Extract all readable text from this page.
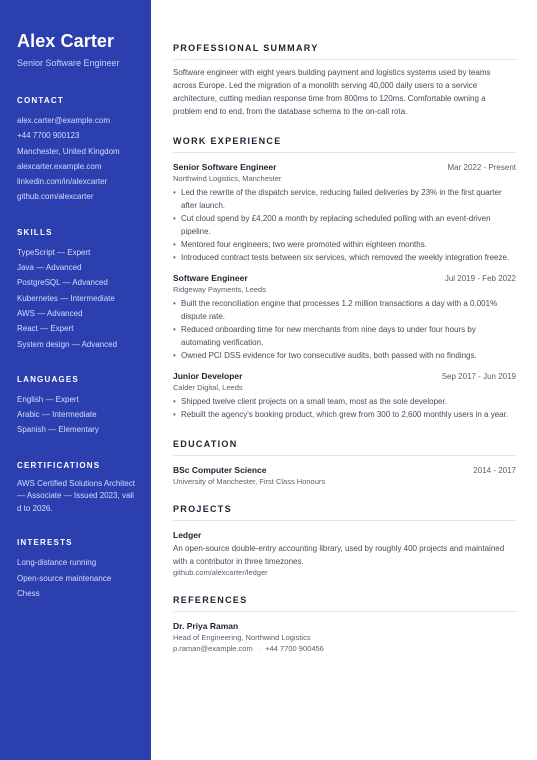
Alex Carter
Senior Software Engineer
CONTACT
alex.carter@example.com
+44 7700 900123
Manchester, United Kingdom
alexcarter.example.com
linkedin.com/in/alexcarter
github.com/alexcarter
SKILLS
TypeScript — Expert
Java — Advanced
PostgreSQL — Advanced
Kubernetes — Intermediate
AWS — Advanced
React — Expert
System design — Advanced
LANGUAGES
English — Expert
Arabic — Intermediate
Spanish — Elementary
CERTIFICATIONS
AWS Certified Solutions Architect — Associate — Issued 2023, valid to 2026.
INTERESTS
Long-distance running
Open-source maintenance
Chess
PROFESSIONAL SUMMARY

Software engineer with eight years building payment and logistics systems used by teams across Europe. Led the migration of a monolith serving 40,000 daily users to a service architecture, cutting median response time from 800ms to 120ms. Comfortable owning a problem end to end, from the database schema to the on-call rota.

WORK EXPERIENCE
Senior Software Engineer	Mar 2022 - Present
Northwind Logistics, Manchester
• Led the rewrite of the dispatch service, reducing failed deliveries by 23% in the first quarter after launch.
• Cut cloud spend by £4,200 a month by replacing scheduled polling with an event-driven pipeline.
• Mentored four engineers; two were promoted within eighteen months.
• Introduced contract tests between six services, which removed the weekly integration freeze.
Software Engineer	Jul 2019 - Feb 2022
Ridgeway Payments, Leeds
• Built the reconciliation engine that processes 1.2 million transactions a day with a 0.001% dispute rate.
• Reduced onboarding time for new merchants from nine days to under four hours by automating verification.
• Owned PCI DSS evidence for two consecutive audits, both passed with no findings.
Junior Developer	Sep 2017 - Jun 2019
Calder Digital, Leeds
• Shipped twelve client projects on a small team, most as the sole developer.
• Rebuilt the agency's booking product, which grew from 300 to 2,600 monthly users in a year.
EDUCATION
BSc Computer Science	2014 - 2017
University of Manchester, First Class Honours
PROJECTS
Ledger

An open-source double-entry accounting library, used by roughly 400 projects and maintained with a contributor in three timezones.

github.com/alexcarter/ledger
REFERENCES
Dr. Priya Raman
Head of Engineering, Northwind Logistics
p.raman@example.com · +44 7700 900456
